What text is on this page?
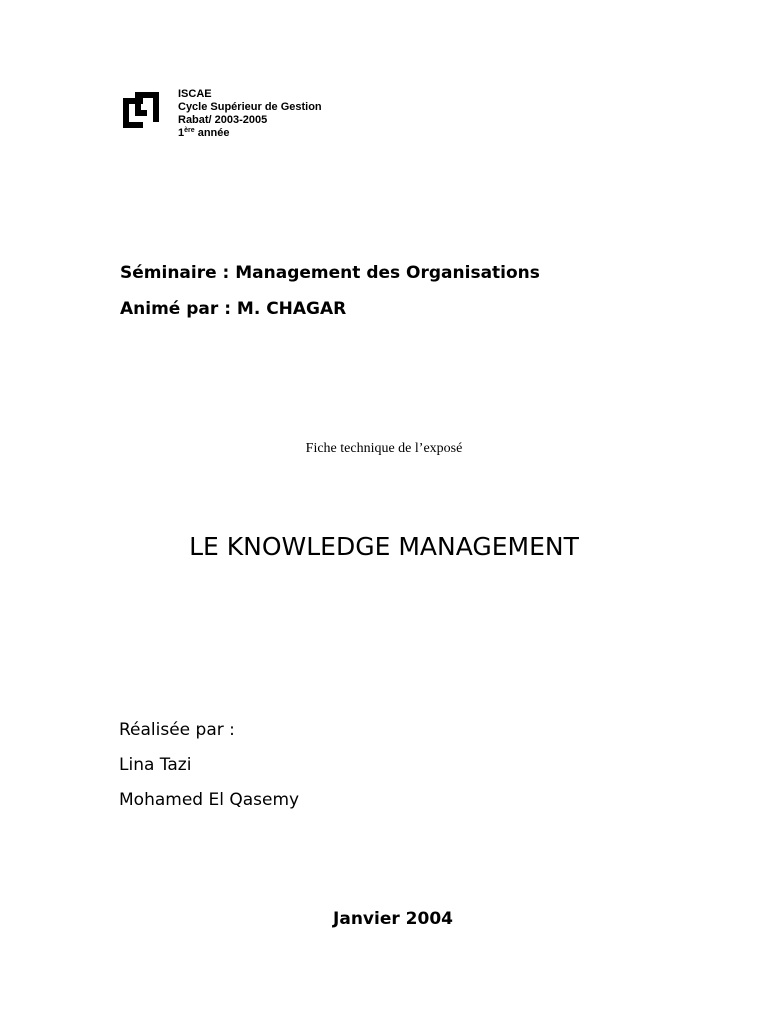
ISCAE
Cycle Supérieur de Gestion
Rabat/ 2003-2005
1ère année
Séminaire : Management des Organisations
Animé par : M. CHAGAR
Fiche technique de l’exposé
LE KNOWLEDGE MANAGEMENT
Réalisée par :
Lina Tazi
Mohamed El Qasemy
Janvier 2004
